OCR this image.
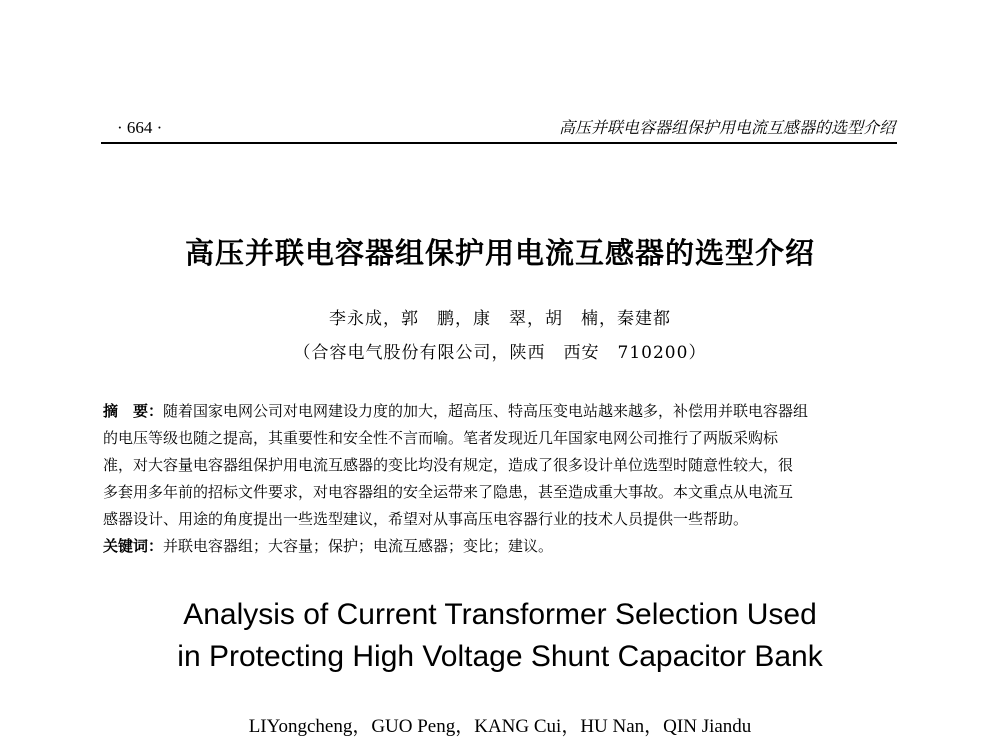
· 664 ·	高压并联电容器组保护用电流互感器的选型介绍
高压并联电容器组保护用电流互感器的选型介绍
李永成，郭　鹏，康　翠，胡　楠，秦建都
（合容电气股份有限公司，陕西　西安　710200）
摘　要：随着国家电网公司对电网建设力度的加大，超高压、特高压变电站越来越多，补偿用并联电容器组
的电压等级也随之提高，其重要性和安全性不言而喻。笔者发现近几年国家电网公司推行了两版采购标
准，对大容量电容器组保护用电流互感器的变比均没有规定，造成了很多设计单位选型时随意性较大，很
多套用多年前的招标文件要求，对电容器组的安全运带来了隐患，甚至造成重大事故。本文重点从电流互
感器设计、用途的角度提出一些选型建议，希望对从事高压电容器行业的技术人员提供一些帮助。
关键词：并联电容器组；大容量；保护；电流互感器；变比；建议。
Analysis of Current Transformer Selection Used
in Protecting High Voltage Shunt Capacitor Bank
LIYongcheng，GUO Peng，KANG Cui，HU Nan，QIN Jiandu
